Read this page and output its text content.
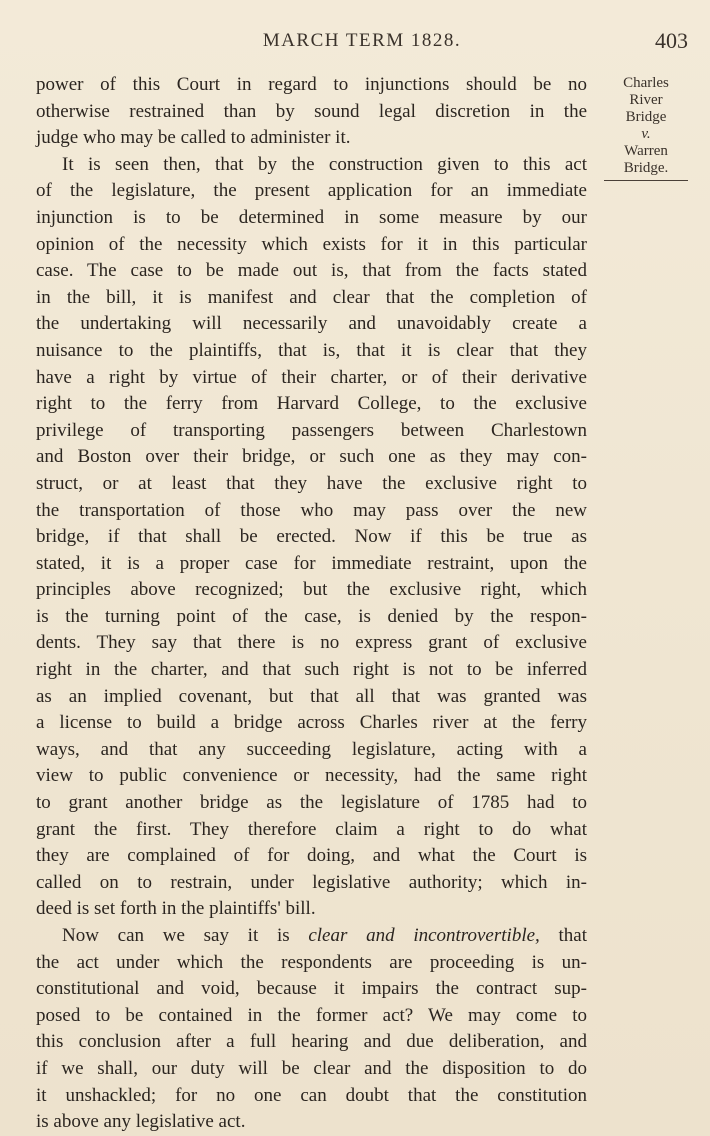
MARCH TERM 1828.	403
Charles
River
Bridge
v.
Warren
Bridge.
power of this Court in regard to injunctions should be no
otherwise restrained than by sound legal discretion in the
judge who may be called to administer it.
It is seen then, that by the construction given to this act
of the legislature, the present application for an immediate
injunction is to be determined in some measure by our
opinion of the necessity which exists for it in this particular
case. The case to be made out is, that from the facts stated
in the bill, it is manifest and clear that the completion of
the undertaking will necessarily and unavoidably create a
nuisance to the plaintiffs, that is, that it is clear that they
have a right by virtue of their charter, or of their derivative
right to the ferry from Harvard College, to the exclusive
privilege of transporting passengers between Charlestown
and Boston over their bridge, or such one as they may con-
struct, or at least that they have the exclusive right to
the transportation of those who may pass over the new
bridge, if that shall be erected. Now if this be true as
stated, it is a proper case for immediate restraint, upon the
principles above recognized; but the exclusive right, which
is the turning point of the case, is denied by the respon-
dents. They say that there is no express grant of exclusive
right in the charter, and that such right is not to be inferred
as an implied covenant, but that all that was granted was
a license to build a bridge across Charles river at the ferry
ways, and that any succeeding legislature, acting with a
view to public convenience or necessity, had the same right
to grant another bridge as the legislature of 1785 had to
grant the first. They therefore claim a right to do what
they are complained of for doing, and what the Court is
called on to restrain, under legislative authority; which in-
deed is set forth in the plaintiffs' bill.
Now can we say it is clear and incontrovertible, that
the act under which the respondents are proceeding is un-
constitutional and void, because it impairs the contract sup-
posed to be contained in the former act? We may come to
this conclusion after a full hearing and due deliberation, and
if we shall, our duty will be clear and the disposition to do
it unshackled; for no one can doubt that the constitution
is above any legislative act.
